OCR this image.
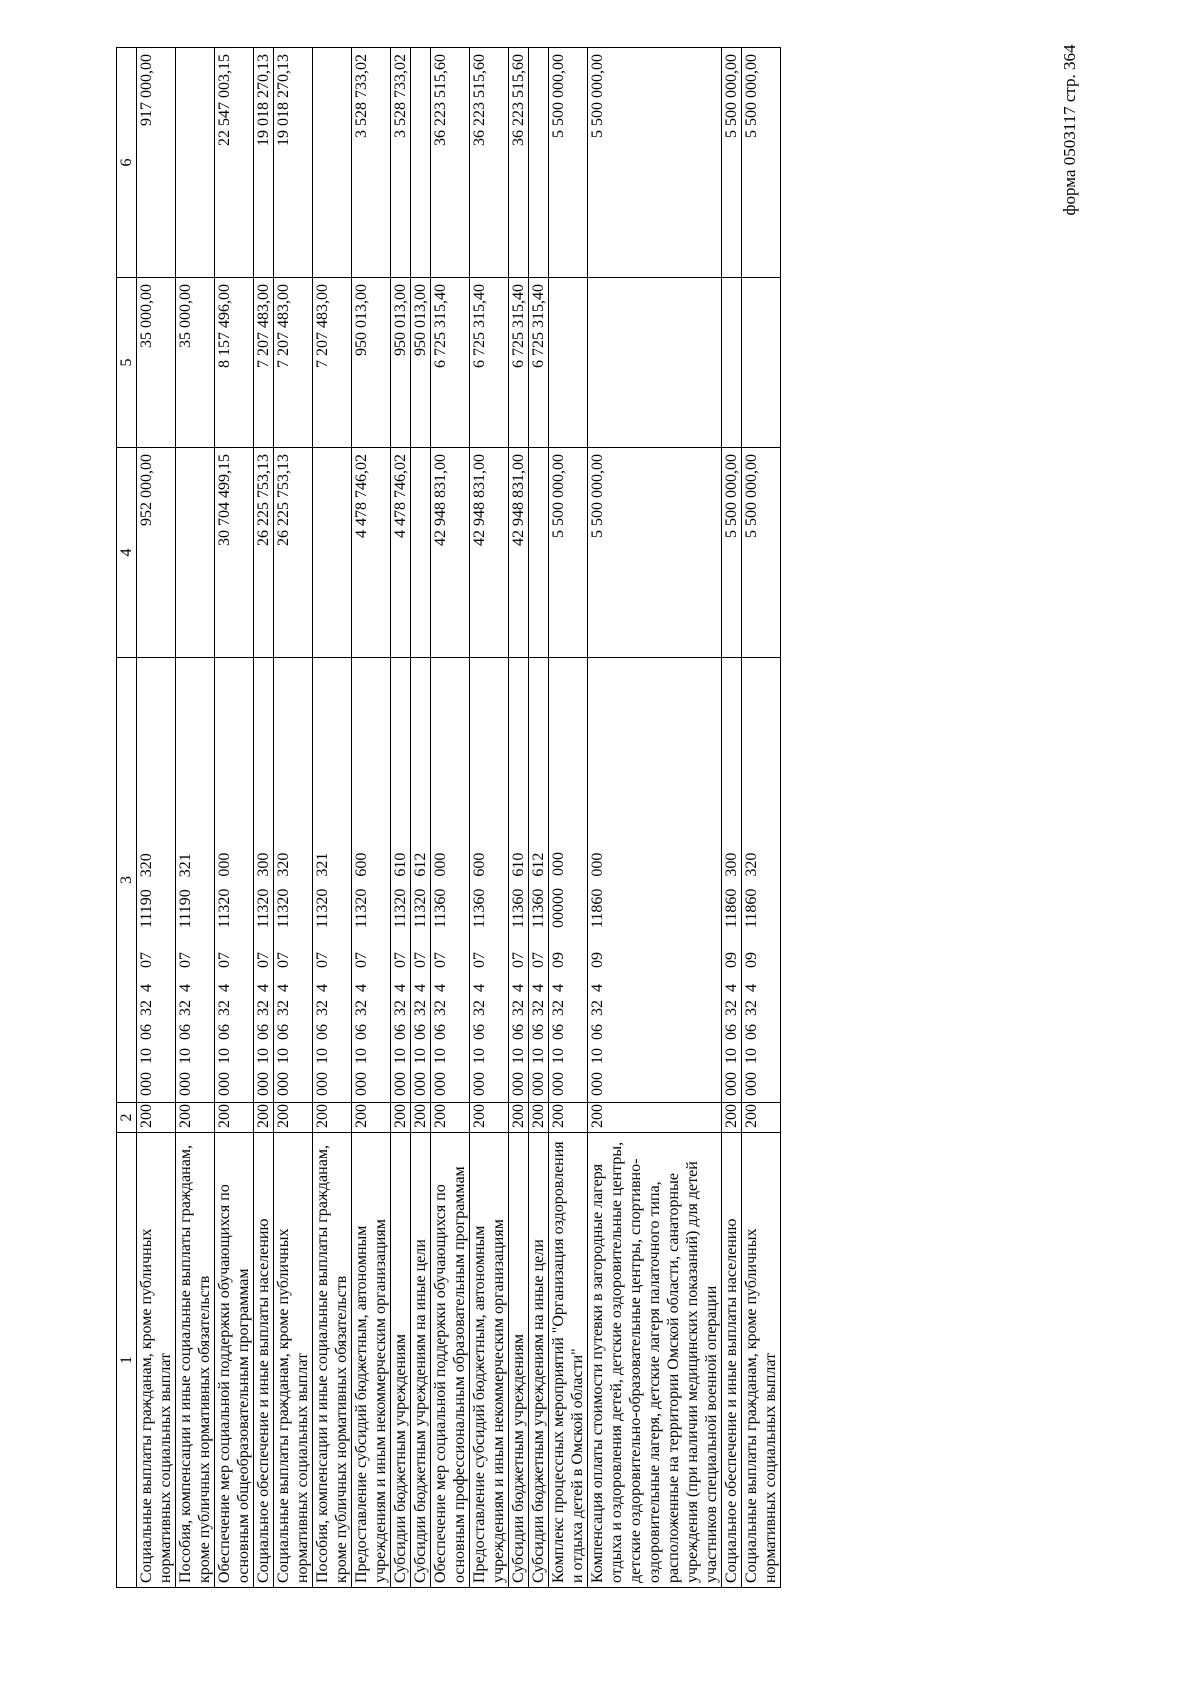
форма 0503117 стр. 364
1	2	3	4	5	6
Социальные выплаты гражданам, кроме публичных нормативных социальных выплат	200	000  10  06  32  4    07      11190   320	952 000,00	35 000,00	917 000,00
Пособия, компенсации и иные социальные выплаты гражданам, кроме публичных нормативных обязательств	200	000  10  06  32  4    07      11190   321		35 000,00	
Обеспечение мер социальной поддержки обучающихся по основным общеобразовательным программам	200	000  10  06  32  4    07      11320   000	30 704 499,15	8 157 496,00	22 547 003,15
Социальное обеспечение и иные выплаты населению	200	000  10  06  32  4    07      11320   300	26 225 753,13	7 207 483,00	19 018 270,13
Социальные выплаты гражданам, кроме публичных нормативных социальных выплат	200	000  10  06  32  4    07      11320   320	26 225 753,13	7 207 483,00	19 018 270,13
Пособия, компенсации и иные социальные выплаты гражданам, кроме публичных нормативных обязательств	200	000  10  06  32  4    07      11320   321		7 207 483,00	
Предоставление субсидий бюджетным, автономным учреждениям и иным некоммерческим организациям	200	000  10  06  32  4    07      11320   600	4 478 746,02	950 013,00	3 528 733,02
Субсидии бюджетным учреждениям	200	000  10  06  32  4    07      11320   610	4 478 746,02	950 013,00	3 528 733,02
Субсидии бюджетным учреждениям на иные цели	200	000  10  06  32  4    07      11320   612		950 013,00	
Обеспечение мер социальной поддержки обучающихся по основным профессиональным образовательным программам	200	000  10  06  32  4    07      11360   000	42 948 831,00	6 725 315,40	36 223 515,60
Предоставление субсидий бюджетным, автономным учреждениям и иным некоммерческим организациям	200	000  10  06  32  4    07      11360   600	42 948 831,00	6 725 315,40	36 223 515,60
Субсидии бюджетным учреждениям	200	000  10  06  32  4    07      11360   610	42 948 831,00	6 725 315,40	36 223 515,60
Субсидии бюджетным учреждениям на иные цели	200	000  10  06  32  4    07      11360   612		6 725 315,40	
Комплекс процессных мероприятий "Организация оздоровления и отдыха детей в Омской области"	200	000  10  06  32  4    09      00000   000	5 500 000,00		5 500 000,00
Компенсация оплаты стоимости путевки в загородные лагеря отдыха и оздоровления детей, детские оздоровительные центры, детские оздоровительно-образовательные центры, спортивно-оздоровительные лагеря, детские лагеря палаточного типа, расположенные на территории Омской области, санаторные учреждения (при наличии медицинских показаний) для детей участников специальной военной операции	200	000  10  06  32  4    09      11860   000	5 500 000,00		5 500 000,00
Социальное обеспечение и иные выплаты населению	200	000  10  06  32  4    09      11860   300	5 500 000,00		5 500 000,00
Социальные выплаты гражданам, кроме публичных нормативных социальных выплат	200	000  10  06  32  4    09      11860   320	5 500 000,00		5 500 000,00
